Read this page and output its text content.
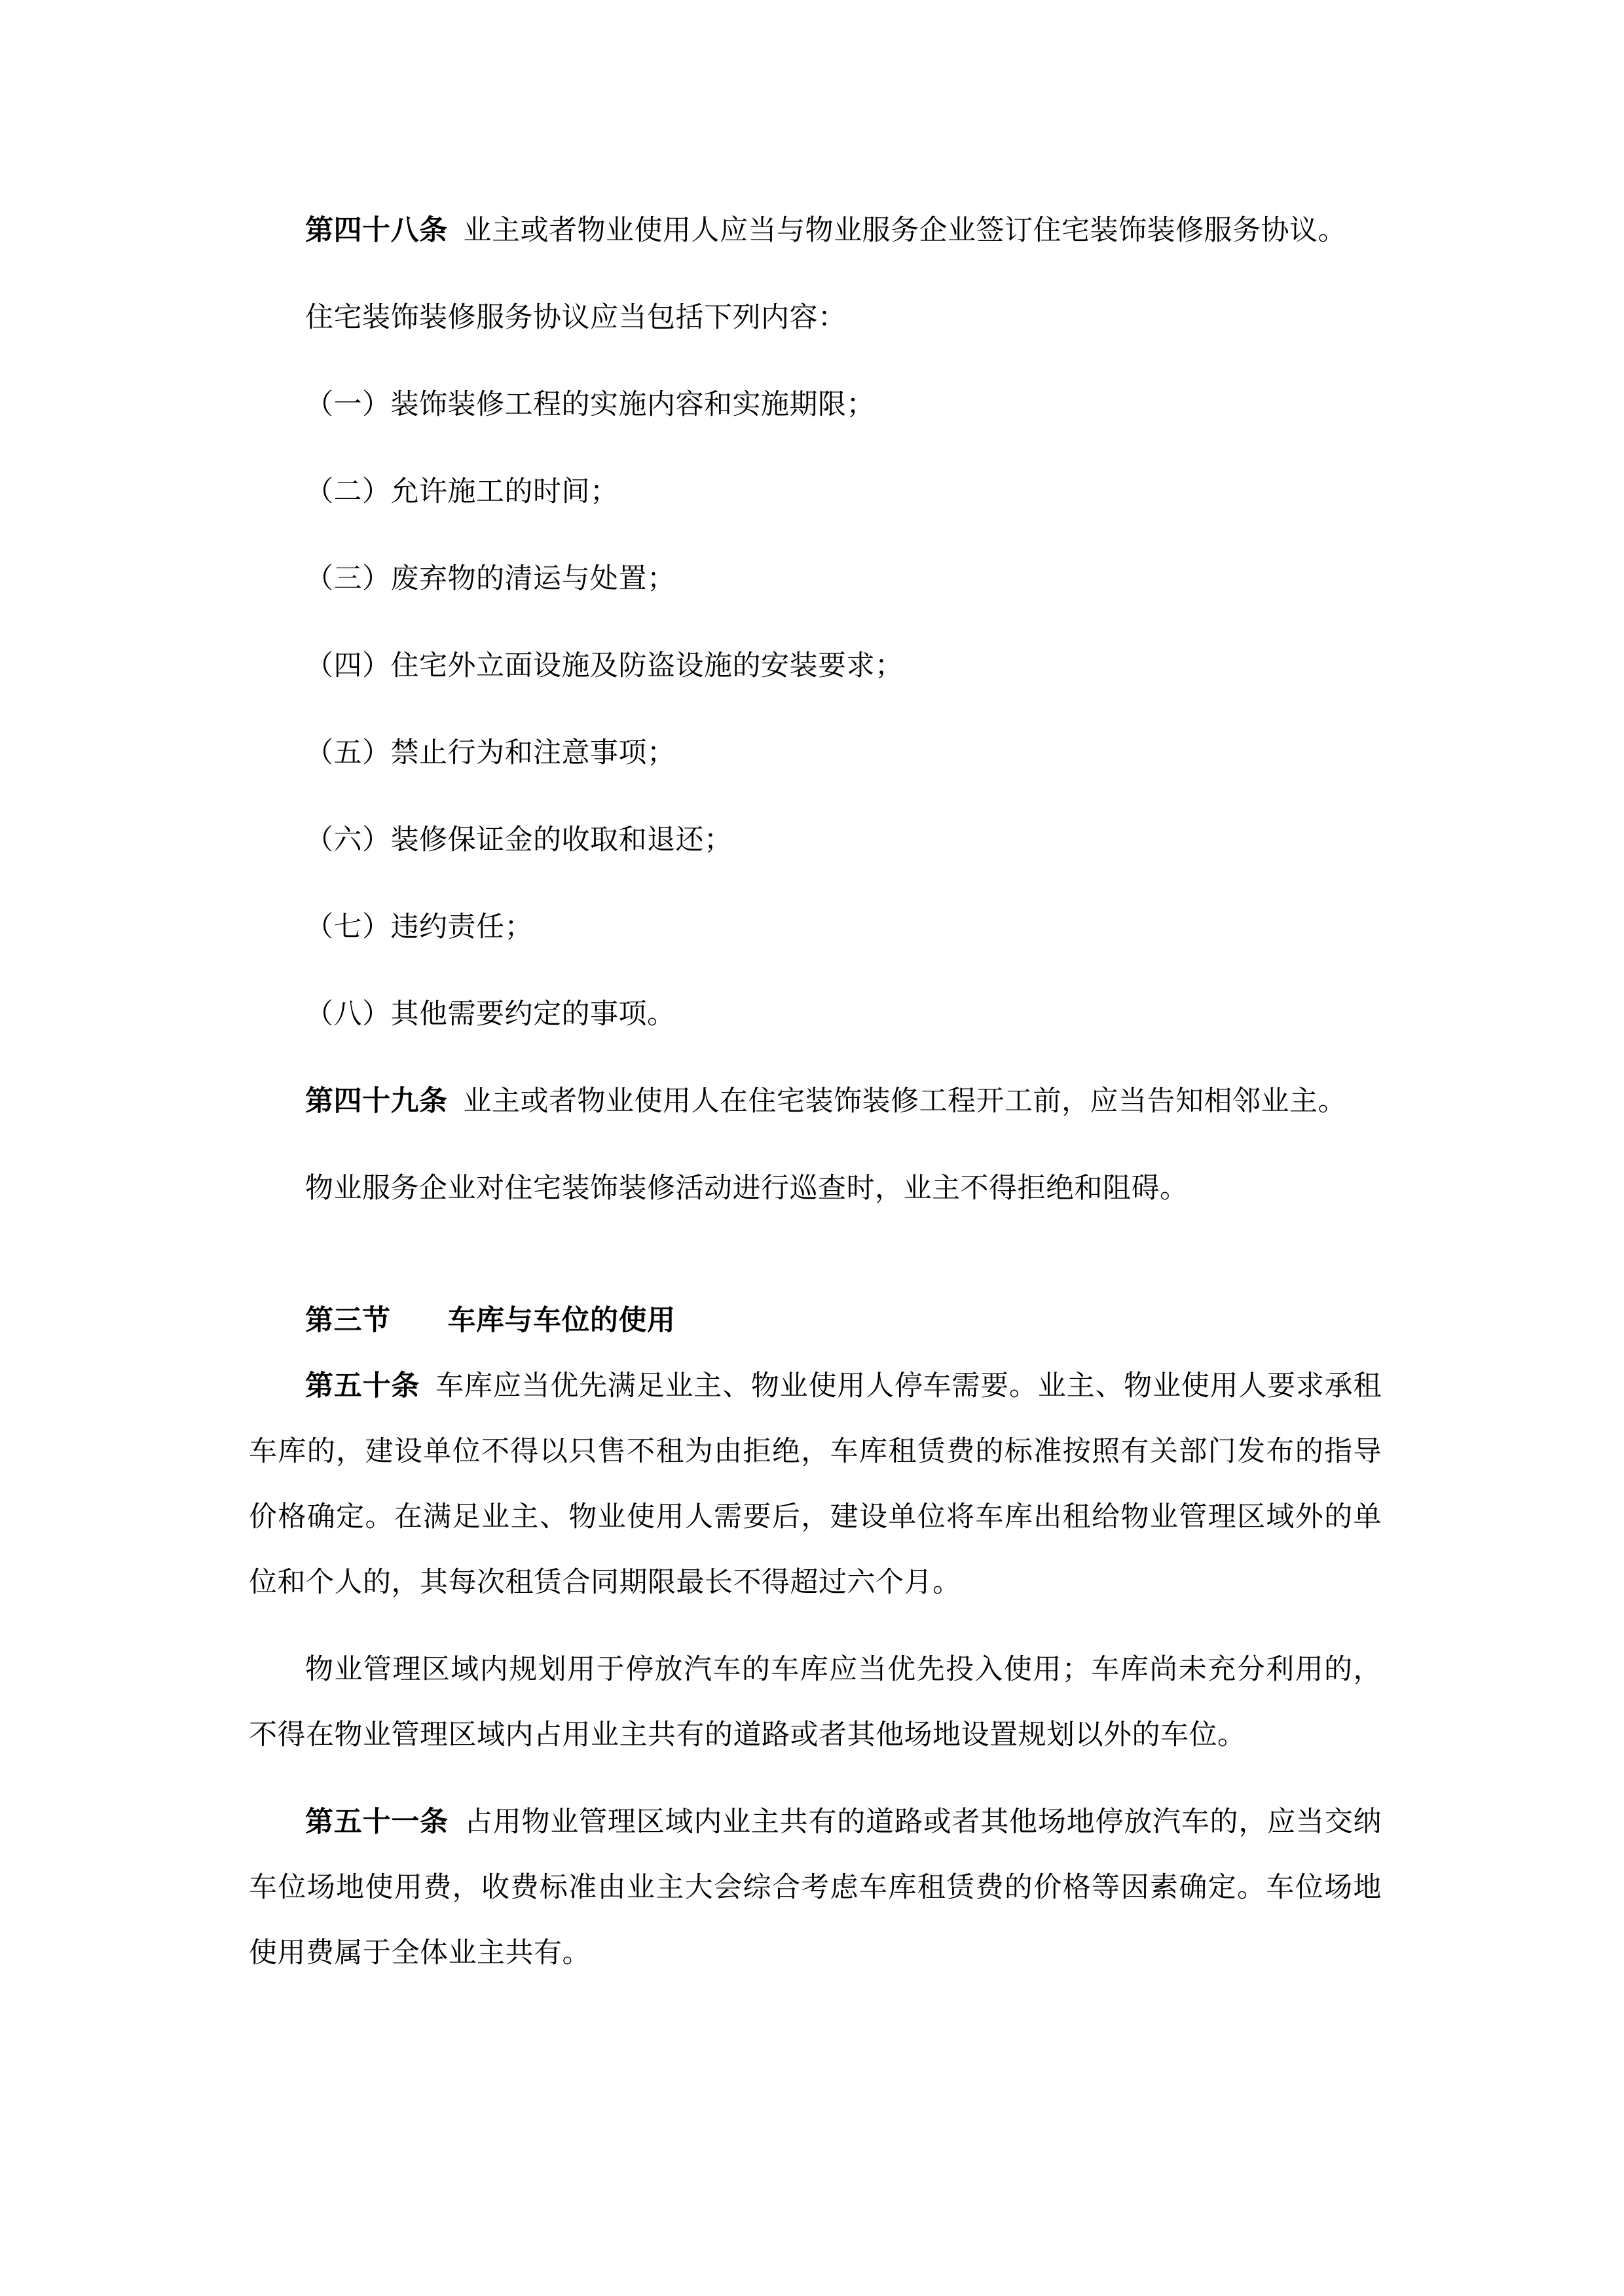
第四十八条 业主或者物业使用人应当与物业服务企业签订住宅装饰装修服务协议。

住宅装饰装修服务协议应当包括下列内容：

（一）装饰装修工程的实施内容和实施期限；

（二）允许施工的时间；

（三）废弃物的清运与处置；

（四）住宅外立面设施及防盗设施的安装要求；

（五）禁止行为和注意事项；

（六）装修保证金的收取和退还；

（七）违约责任；

（八）其他需要约定的事项。

第四十九条 业主或者物业使用人在住宅装饰装修工程开工前，应当告知相邻业主。

物业服务企业对住宅装饰装修活动进行巡查时，业主不得拒绝和阻碍。

第三节　　车库与车位的使用

第五十条 车库应当优先满足业主、物业使用人停车需要。业主、物业使用人要求承租车库的，建设单位不得以只售不租为由拒绝，车库租赁费的标准按照有关部门发布的指导价格确定。在满足业主、物业使用人需要后，建设单位将车库出租给物业管理区域外的单位和个人的，其每次租赁合同期限最长不得超过六个月。

物业管理区域内规划用于停放汽车的车库应当优先投入使用；车库尚未充分利用的，不得在物业管理区域内占用业主共有的道路或者其他场地设置规划以外的车位。

第五十一条 占用物业管理区域内业主共有的道路或者其他场地停放汽车的，应当交纳车位场地使用费，收费标准由业主大会综合考虑车库租赁费的价格等因素确定。车位场地使用费属于全体业主共有。
